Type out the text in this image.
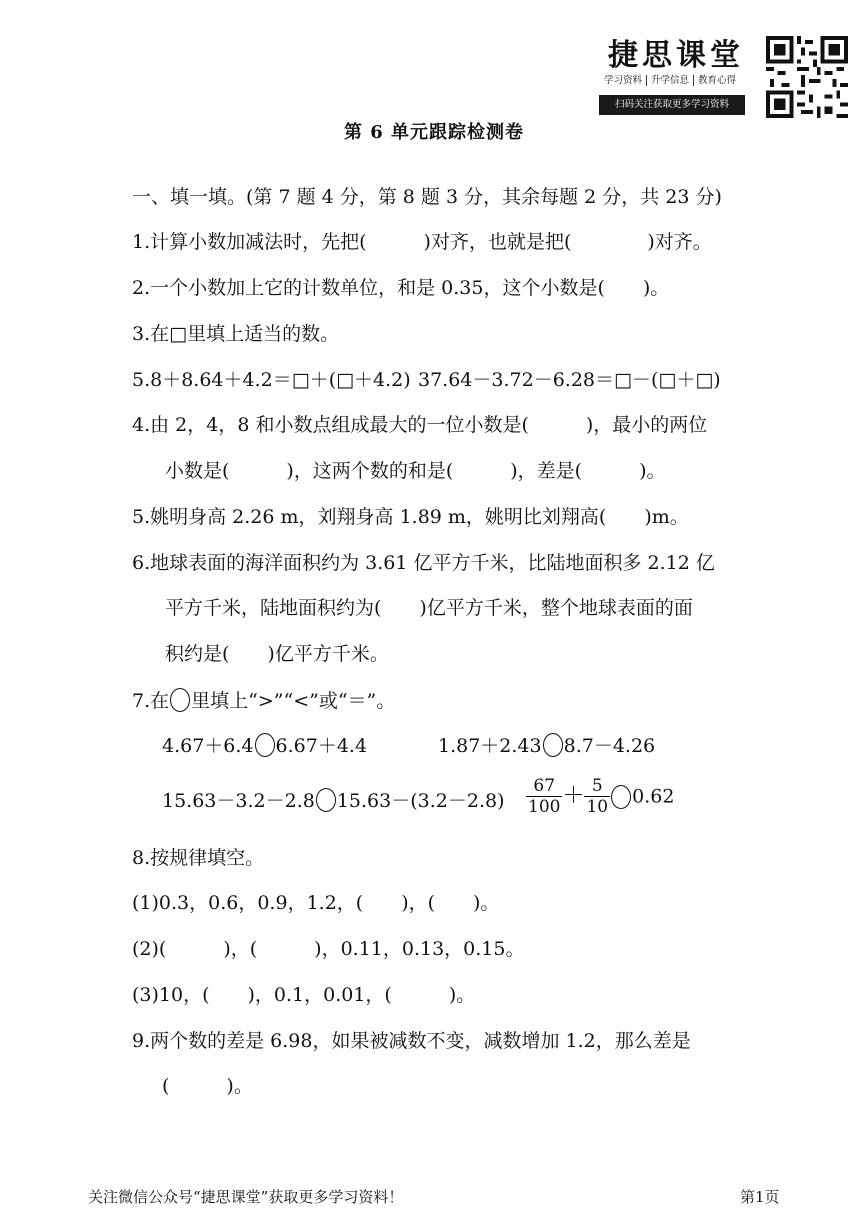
捷思课堂
学习资料 升学信息 教育心得
扫码关注获取更多学习资料
第 6 单元跟踪检测卷
一、填一填。(第 7 题 4 分，第 8 题 3 分，其余每题 2 分，共 23 分)
1.计算小数加减法时，先把(　　　)对齐，也就是把(　　　　)对齐。
2.一个小数加上它的计数单位，和是 0.35，这个小数是(　　)。
3.在□里填上适当的数。
5.8＋8.64＋4.2＝□＋(□＋4.2) 37.64－3.72－6.28＝□－(□＋□)
4.由 2，4，8 和小数点组成最大的一位小数是(　　　)，最小的两位
小数是(　　　)，这两个数的和是(　　　)，差是(　　　)。
5.姚明身高 2.26 m，刘翔身高 1.89 m，姚明比刘翔高(　　)m。
6.地球表面的海洋面积约为 3.61 亿平方千米，比陆地面积多 2.12 亿
平方千米，陆地面积约为(　　)亿平方千米，整个地球表面的面
积约是(　　)亿平方千米。
7.在 里填上“>”“<”或“＝”。
4.67＋6.4 6.67＋4.4	1.87＋2.43 8.7－4.26
15.63－3.2－2.8 $15.63-(3.2-2.8) \frac{67}{100} + \frac{5}{10} 0.62$
8.按规律填空。
(1)0.3，0.6，0.9，1.2，(　　)，(　　)。
(2)(　　　)，(　　　)，0.11，0.13，0.15。
(3)10，(　　)，0.1，0.01，(　　　)。
9.两个数的差是 6.98，如果被减数不变，减数增加 1.2，那么差是
(　　　)。
关注微信公众号“捷思课堂”获取更多学习资料！	第1页
